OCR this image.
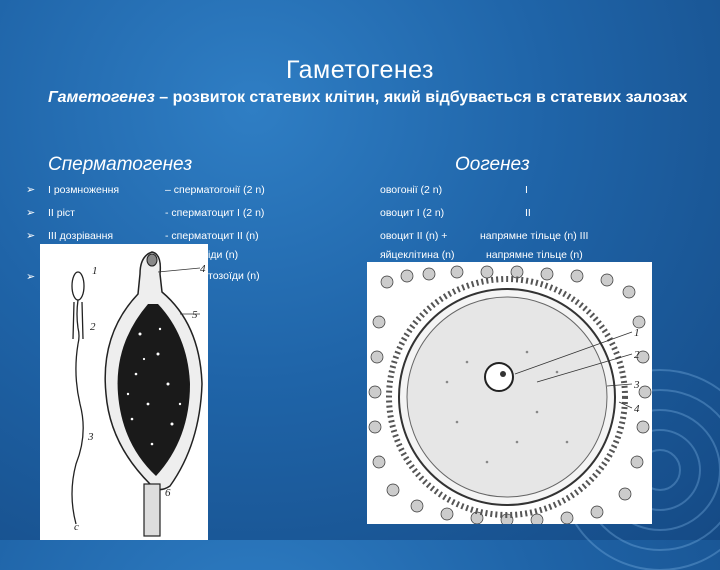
Гаметогенез
Гаметогенез – розвиток статевих клітин, який відбувається в статевих залозах
Сперматогенез	Оогенез
➢
➢
➢
➢
І розмноження	– сперматогонії (2 n)	овогонії (2 n)	І
ІІ ріст	- сперматоцит І (2 n)	овоцит І (2 n)	ІІ
ІІІ дозрівання	- сперматоцит ІІ (n)	овоцит ІІ (n) +	напрямне тільце (n) ІІІ
іди (n)	яйцеклітина (n)	напрямне тільце (n)
тозоїди (n)
1
2
3
4
5
6
с
1
2
3
4
